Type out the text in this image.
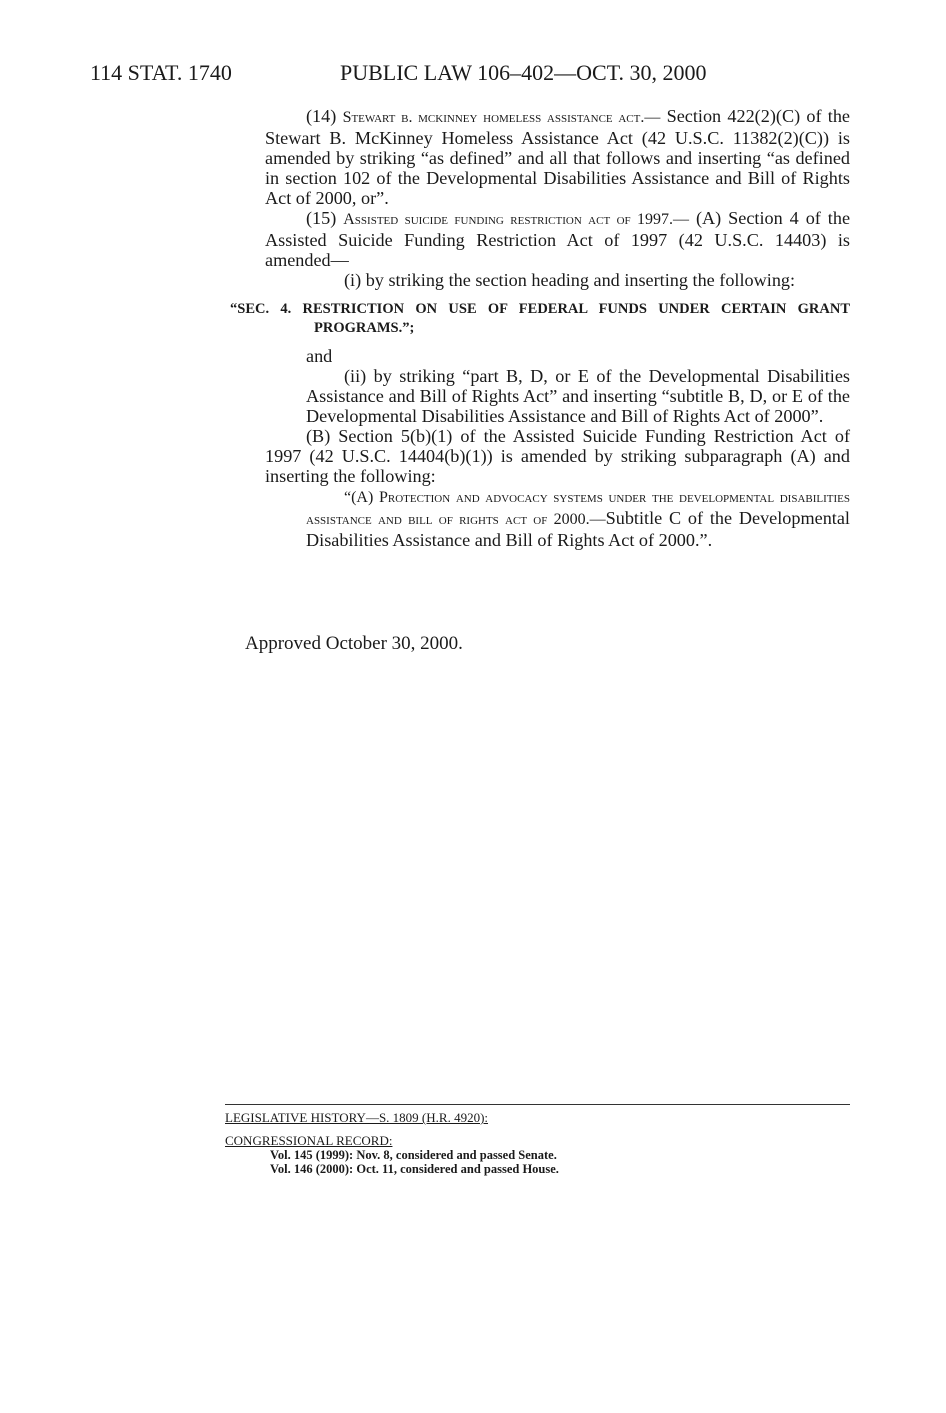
114 STAT. 1740	PUBLIC LAW 106–402—OCT. 30, 2000

(14) Stewart b. mckinney homeless assistance act.— Section 422(2)(C) of the Stewart B. McKinney Homeless Assistance Act (42 U.S.C. 11382(2)(C)) is amended by striking “as defined” and all that follows and inserting “as defined in section 102 of the Developmental Disabilities Assistance and Bill of Rights Act of 2000, or”.

(15) Assisted suicide funding restriction act of 1997.— (A) Section 4 of the Assisted Suicide Funding Restriction Act of 1997 (42 U.S.C. 14403) is amended—

(i) by striking the section heading and inserting the following:

“SEC. 4. RESTRICTION ON USE OF FEDERAL FUNDS UNDER CERTAIN GRANT PROGRAMS.”;

and

(ii) by striking “part B, D, or E of the Developmental Disabilities Assistance and Bill of Rights Act” and inserting “subtitle B, D, or E of the Developmental Disabilities Assistance and Bill of Rights Act of 2000”.

(B) Section 5(b)(1) of the Assisted Suicide Funding Restriction Act of 1997 (42 U.S.C. 14404(b)(1)) is amended by striking subparagraph (A) and inserting the following:

“(A) Protection and advocacy systems under the developmental disabilities assistance and bill of rights act of 2000.—Subtitle C of the Developmental Disabilities Assistance and Bill of Rights Act of 2000.”.

Approved October 30, 2000.
LEGISLATIVE HISTORY—S. 1809 (H.R. 4920):
CONGRESSIONAL RECORD:
Vol. 145 (1999): Nov. 8, considered and passed Senate.
Vol. 146 (2000): Oct. 11, considered and passed House.
